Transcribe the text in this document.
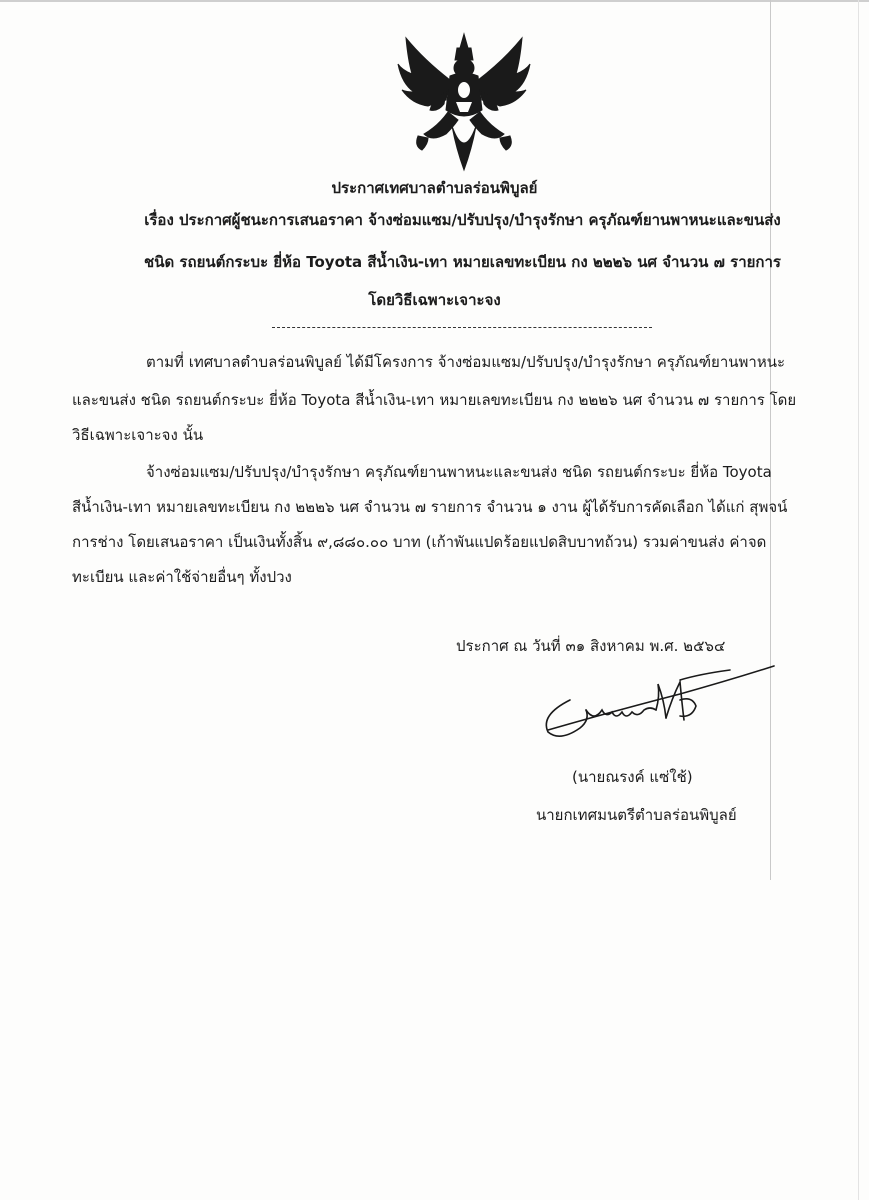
ประกาศเทศบาลตำบลร่อนพิบูลย์
เรื่อง ประกาศผู้ชนะการเสนอราคา จ้างซ่อมแซม/ปรับปรุง/บำรุงรักษา ครุภัณฑ์ยานพาหนะและขนส่ง
ชนิด รถยนต์กระบะ ยี่ห้อ Toyota สีน้ำเงิน-เทา หมายเลขทะเบียน กง ๒๒๒๖ นศ จำนวน ๗ รายการ
โดยวิธีเฉพาะเจาะจง
ตามที่ เทศบาลตำบลร่อนพิบูลย์ ได้มีโครงการ จ้างซ่อมแซม/ปรับปรุง/บำรุงรักษา ครุภัณฑ์ยานพาหนะ
และขนส่ง ชนิด รถยนต์กระบะ ยี่ห้อ Toyota สีน้ำเงิน-เทา หมายเลขทะเบียน กง ๒๒๒๖ นศ จำนวน ๗ รายการ โดย
วิธีเฉพาะเจาะจง นั้น
จ้างซ่อมแซม/ปรับปรุง/บำรุงรักษา ครุภัณฑ์ยานพาหนะและขนส่ง ชนิด รถยนต์กระบะ ยี่ห้อ Toyota
สีน้ำเงิน-เทา หมายเลขทะเบียน กง ๒๒๒๖ นศ จำนวน ๗ รายการ จำนวน ๑ งาน ผู้ได้รับการคัดเลือก ได้แก่ สุพจน์
การช่าง โดยเสนอราคา เป็นเงินทั้งสิ้น ๙,๘๘๐.๐๐ บาท (เก้าพันแปดร้อยแปดสิบบาทถ้วน) รวมค่าขนส่ง ค่าจด
ทะเบียน และค่าใช้จ่ายอื่นๆ ทั้งปวง
ประกาศ ณ วันที่ ๓๑ สิงหาคม พ.ศ. ๒๕๖๔
(นายณรงค์ แซ่ใช้)
นายกเทศมนตรีตำบลร่อนพิบูลย์
